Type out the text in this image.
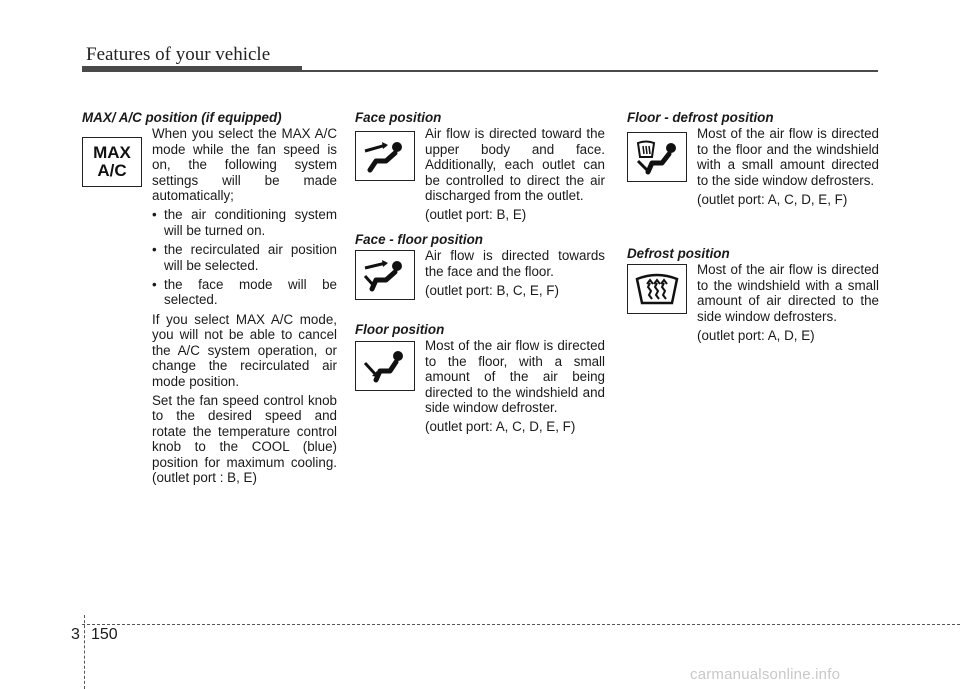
Features of your vehicle
MAX/ A/C position (if equipped)
MAX
A/C

When you select the MAX A/C mode while the fan speed is on, the following system settings will be made automatically;

• the air conditioning system will be turned on.
• the recirculated air position will be selected.
• the face mode will be selected.

If you select MAX A/C mode, you will not be able to cancel the A/C system operation, or change the recirculated air mode position.

Set the fan speed control knob to the desired speed and rotate the temperature control knob to the COOL (blue) position for maximum cooling. (outlet port : B, E)

Face position

Air flow is directed toward the upper body and face. Additionally, each outlet can be controlled to direct the air discharged from the outlet.

(outlet port: B, E)

Face - floor position

Air flow is directed towards the face and the floor.

(outlet port: B, C, E, F)

Floor position

Most of the air flow is directed to the floor, with a small amount of the air being directed to the windshield and side window defroster.

(outlet port: A, C, D, E, F)

Floor - defrost position

Most of the air flow is directed to the floor and the windshield with a small amount directed to the side window defrosters.

(outlet port: A, C, D, E, F)

Defrost position

Most of the air flow is directed to the windshield with a small amount of air directed to the side window defrosters.

(outlet port: A, D, E)

3 150
carmanualsonline.info
